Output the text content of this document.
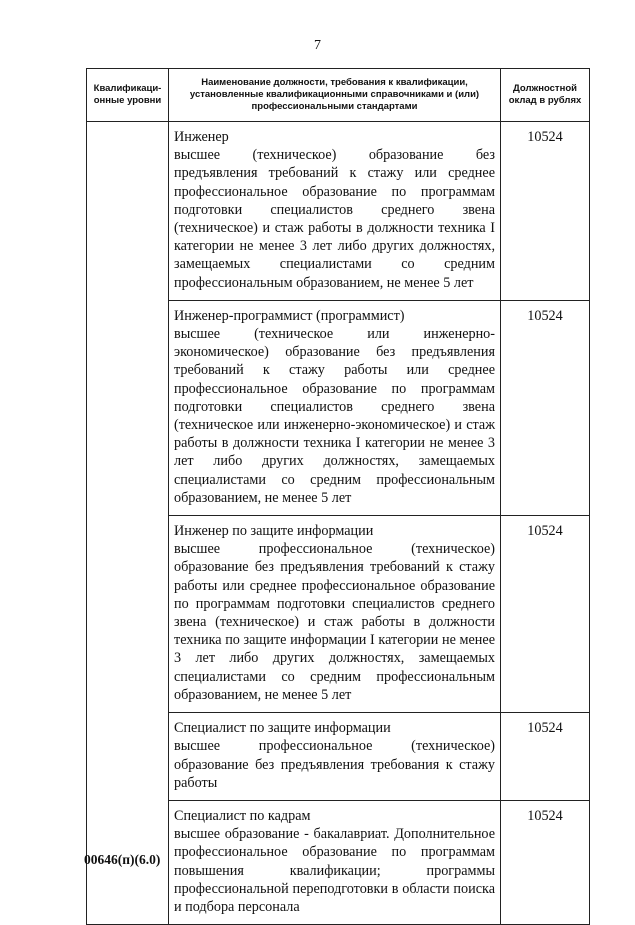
7
Квалификаци-онные уровни	Наименование должности, требования к квалификации, установленные квалификационными справочниками и (или) профессиональными стандартами	Должностной оклад в рублях

	Инженер
высшее (техническое) образование без предъявления требований к стажу или среднее профессиональное образование по программам подготовки специалистов среднего звена (техническое) и стаж работы в должности техника I категории не менее 3 лет либо других должностях, замещаемых специалистами со средним профессиональным образованием, не менее 5 лет	10524

	Инженер-программист (программист)
высшее (техническое или инженерно-экономическое) образование без предъявления требований к стажу работы или среднее профессиональное образование по программам подготовки специалистов среднего звена (техническое или инженерно-экономическое) и стаж работы в должности техника I категории не менее 3 лет либо других должностях, замещаемых специалистами со средним профессиональным образованием, не менее 5 лет	10524

	Инженер по защите информации
высшее профессиональное (техническое) образование без предъявления требований к стажу работы или среднее профессиональное образование по программам подготовки специалистов среднего звена (техническое) и стаж работы в должности техника по защите информации I категории не менее 3 лет либо других должностях, замещаемых специалистами со средним профессиональным образованием, не менее 5 лет	10524

	Специалист по защите информации
высшее профессиональное (техническое) образование без предъявления требования к стажу работы	10524

	Специалист по кадрам
высшее образование - бакалавриат. Дополнительное профессиональное образование по программам повышения квалификации; программы профессиональной переподготовки в области поиска и подбора персонала	10524
00646(п)(6.0)
